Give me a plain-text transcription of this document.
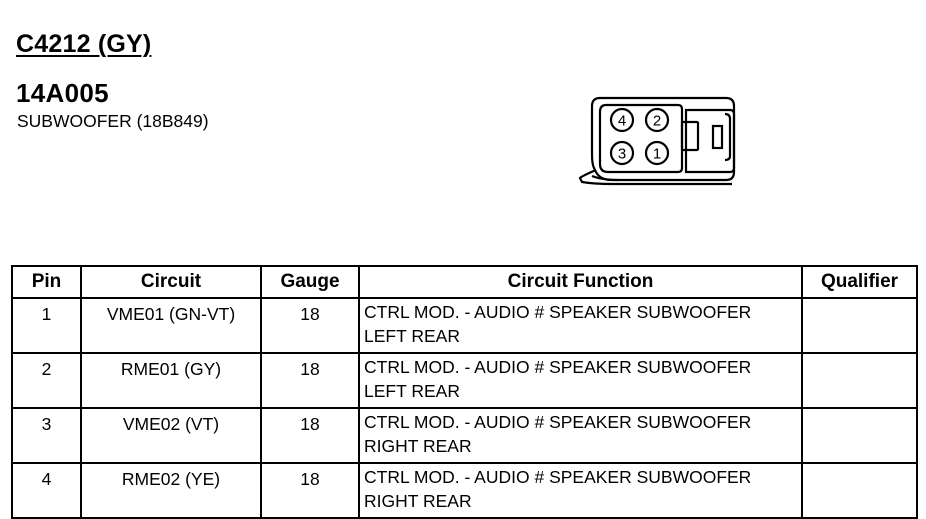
C4212 (GY)
14A005
SUBWOOFER (18B849)	4 2
3 1
Pin	Circuit	Gauge	Circuit Function	Qualifier
1	VME01 (GN-VT)	18	CTRL MOD. - AUDIO # SPEAKER SUBWOOFER
LEFT REAR	

2	RME01 (GY)	18	CTRL MOD. - AUDIO # SPEAKER SUBWOOFER
LEFT REAR	

3	VME02 (VT)	18	CTRL MOD. - AUDIO # SPEAKER SUBWOOFER
RIGHT REAR	

4	RME02 (YE)	18	CTRL MOD. - AUDIO # SPEAKER SUBWOOFER
RIGHT REAR	
